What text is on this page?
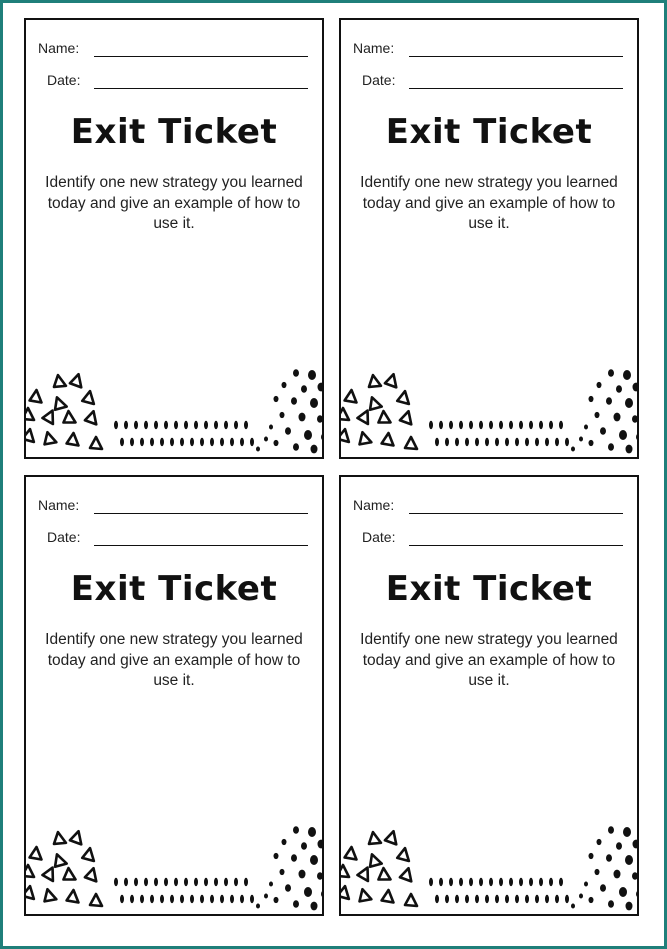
Name:
Date:
Exit Ticket
Identify one new strategy you learned today and give an example of how to use it.
Name:
Date:
Exit Ticket
Identify one new strategy you learned today and give an example of how to use it.
Name:
Date:
Exit Ticket
Identify one new strategy you learned today and give an example of how to use it.
Name:
Date:
Exit Ticket
Identify one new strategy you learned today and give an example of how to use it.
